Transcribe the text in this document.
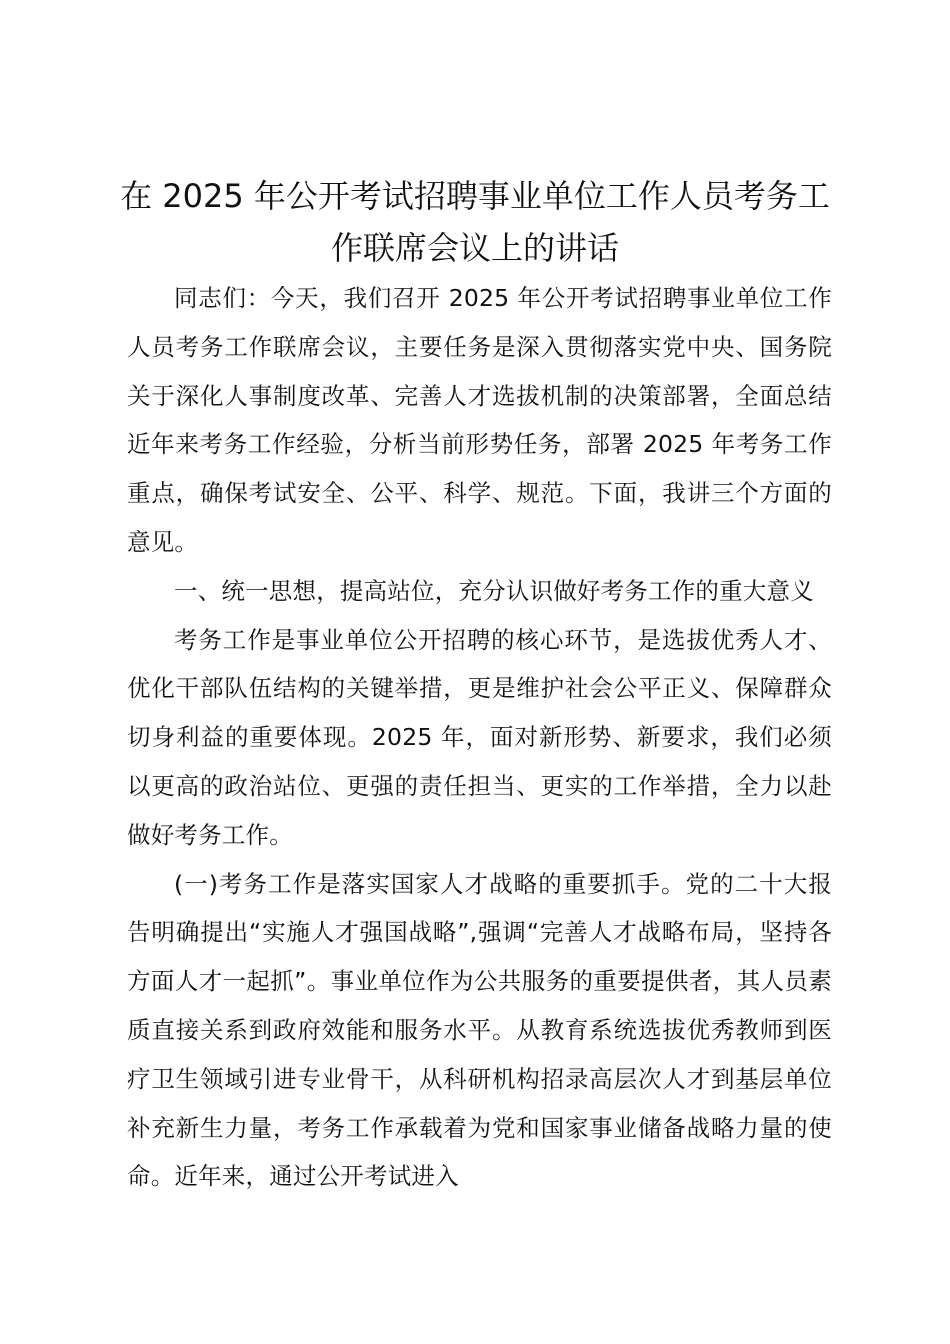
在 2025 年公开考试招聘事业单位工作人员考务工作联席会议上的讲话

同志们：今天，我们召开 2025 年公开考试招聘事业单位工作人员考务工作联席会议，主要任务是深入贯彻落实党中央、国务院关于深化人事制度改革、完善人才选拔机制的决策部署，全面总结近年来考务工作经验，分析当前形势任务，部署 2025 年考务工作重点，确保考试安全、公平、科学、规范。下面，我讲三个方面的意见。

一、统一思想，提高站位，充分认识做好考务工作的重大意义

考务工作是事业单位公开招聘的核心环节，是选拔优秀人才、优化干部队伍结构的关键举措，更是维护社会公平正义、保障群众切身利益的重要体现。2025 年，面对新形势、新要求，我们必须以更高的政治站位、更强的责任担当、更实的工作举措，全力以赴做好考务工作。

(一)考务工作是落实国家人才战略的重要抓手。党的二十大报告明确提出“实施人才强国战略”,强调“完善人才战略布局，坚持各方面人才一起抓”。事业单位作为公共服务的重要提供者，其人员素质直接关系到政府效能和服务水平。从教育系统选拔优秀教师到医疗卫生领域引进专业骨干，从科研机构招录高层次人才到基层单位补充新生力量，考务工作承载着为党和国家事业储备战略力量的使命。近年来，通过公开考试进入
